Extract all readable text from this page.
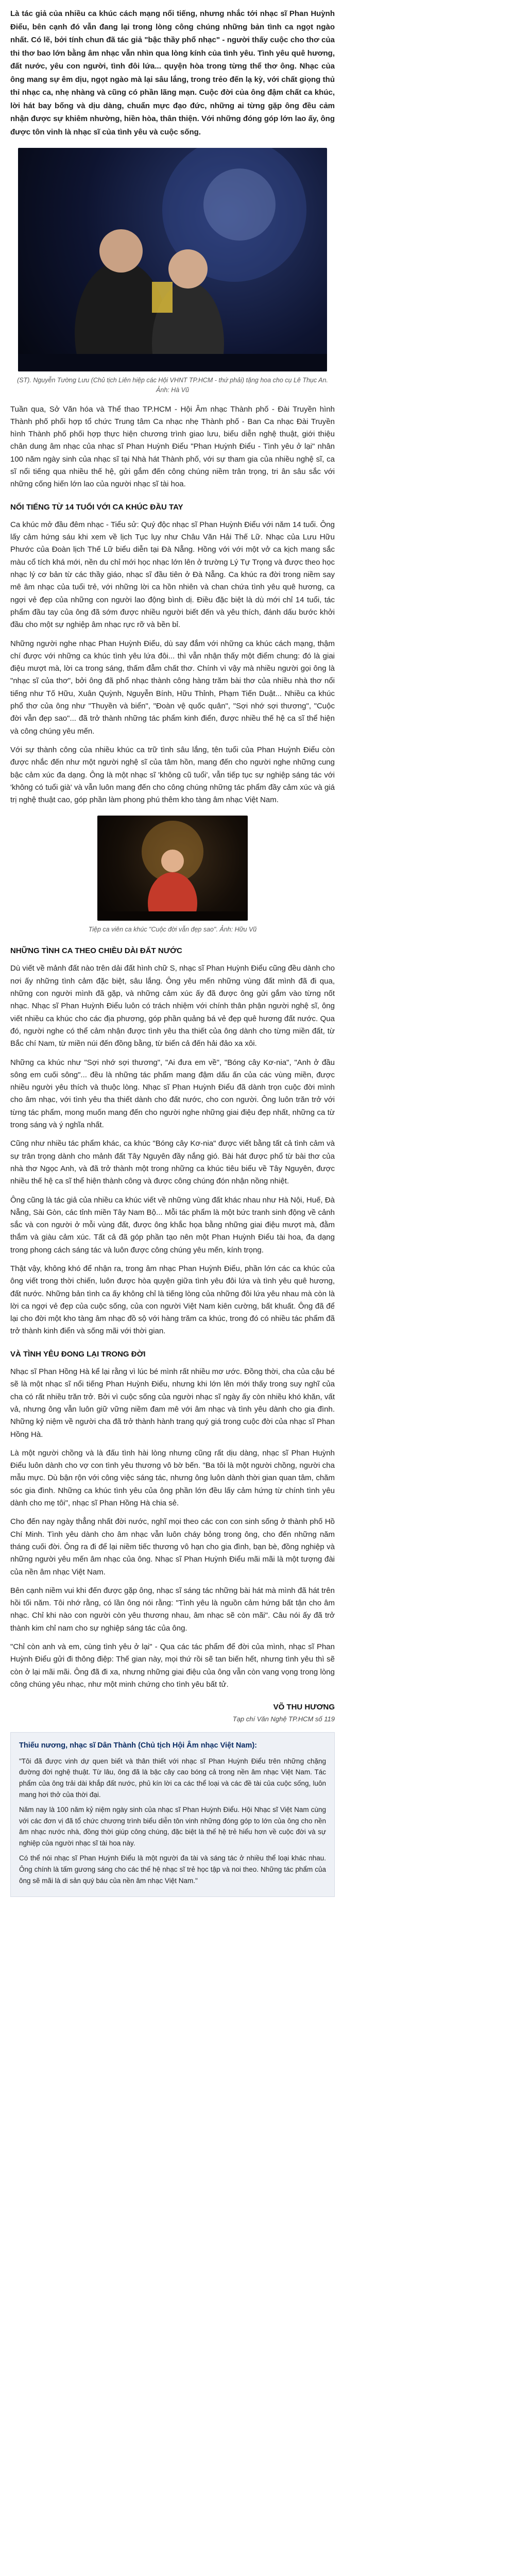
Là tác giả của nhiều ca khúc cách mạng nổi tiếng, nhưng nhắc tới nhạc sĩ Phan Huỳnh Điểu, bên cạnh đó vẫn đang lại trong lòng công chúng những bản tình ca ngọt ngào nhất. Có lẽ, bởi tính chun đã tác giả "bậc thầy phổ nhạc" - người thấy cuộc cho thơ của thi thơ bao lớn bằng âm nhạc vẫn nhìn qua lòng kính của tình yêu. Tình yêu quê hương, đất nước, yêu con người, tình đôi lứa... quyện hòa trong từng thể thơ ông. Nhạc của ông mang sự êm dịu, ngọt ngào mà lại sâu lắng, trong trẻo đến lạ kỳ, với chất giọng thủ thỉ nhạc ca, nhẹ nhàng và cũng có phần lãng mạn. Cuộc đời của ông đậm chất ca khúc, lời hát bay bổng và dịu dàng, chuẩn mực đạo đức, những ai từng gặp ông đều cảm nhận được sự khiêm nhường, hiền hòa, thân thiện. Với những đóng góp lớn lao ấy, ông được tôn vinh là nhạc sĩ của tình yêu và cuộc sống.

(ST). Nguyễn Tường Lưu (Chủ tịch Liên hiệp các Hội VHNT TP.HCM - thứ phải) tặng hoa cho cụ Lê Thục An. Ảnh: Hà Vũ

Tuần qua, Sở Văn hóa và Thể thao TP.HCM - Hội Âm nhạc Thành phố - Đài Truyền hình Thành phố phối hợp tổ chức Trung tâm Ca nhạc nhẹ Thành phố - Ban Ca nhạc Đài Truyền hình Thành phố phối hợp thực hiện chương trình giao lưu, biểu diễn nghệ thuật, giới thiệu chân dung âm nhạc của nhạc sĩ Phan Huỳnh Điểu "Phan Huỳnh Điểu - Tình yêu ở lại" nhân 100 năm ngày sinh của nhạc sĩ tại Nhà hát Thành phố, với sự tham gia của nhiều nghệ sĩ, ca sĩ nổi tiếng qua nhiều thế hệ, gửi gắm đến công chúng niềm trân trọng, tri ân sâu sắc với những cống hiến lớn lao của người nhạc sĩ tài hoa.

NỐI TIẾNG TỪ 14 TUỔI VỚI CA KHÚC ĐẦU TAY

Ca khúc mở đầu đêm nhạc - Tiểu sử: Quý độc nhạc sĩ Phan Huỳnh Điểu với năm 14 tuổi. Ông lấy cảm hứng sáu khi xem về lịch Tục lụy như Châu Văn Hải Thế Lữ. Nhạc của Lưu Hữu Phước của Đoàn lịch Thế Lữ biểu diễn tại Đà Nẵng. Hồng với với một vở ca kịch mang sắc màu cổ tích khá mới, nền du chỉ mới học nhạc lớn lên ở trường Lý Tự Trọng và được theo học nhạc lý cơ bản từ các thầy giáo, nhạc sĩ đầu tiên ở Đà Nẵng. Ca khúc ra đời trong niềm say mê âm nhạc của tuổi trẻ, với những lời ca hồn nhiên và chan chứa tình yêu quê hương, ca ngợi vẻ đẹp của những con người lao động bình dị. Điều đặc biệt là dù mới chỉ 14 tuổi, tác phẩm đầu tay của ông đã sớm được nhiều người biết đến và yêu thích, đánh dấu bước khởi đầu cho một sự nghiệp âm nhạc rực rỡ và bền bỉ.

Những người nghe nhạc Phan Huỳnh Điểu, dù say đắm với những ca khúc cách mạng, thậm chí được với những ca khúc tình yêu lứa đôi... thì vẫn nhận thấy một điểm chung: đó là giai điệu mượt mà, lời ca trong sáng, thấm đẫm chất thơ. Chính vì vậy mà nhiều người gọi ông là "nhạc sĩ của thơ", bởi ông đã phổ nhạc thành công hàng trăm bài thơ của nhiều nhà thơ nổi tiếng như Tố Hữu, Xuân Quỳnh, Nguyễn Bính, Hữu Thỉnh, Phạm Tiến Duật... Nhiều ca khúc phổ thơ của ông như "Thuyền và biển", "Đoàn vệ quốc quân", "Sợi nhớ sợi thương", "Cuộc đời vẫn đẹp sao"... đã trở thành những tác phẩm kinh điển, được nhiều thế hệ ca sĩ thể hiện và công chúng yêu mến.

Với sự thành công của nhiều khúc ca trữ tình sâu lắng, tên tuổi của Phan Huỳnh Điểu còn được nhắc đến như một người nghệ sĩ của tâm hồn, mang đến cho người nghe những cung bậc cảm xúc đa dạng. Ông là một nhạc sĩ 'không cũ tuổi', vẫn tiếp tục sự nghiệp sáng tác với 'không có tuổi già' và vẫn luôn mang đến cho công chúng những tác phẩm đầy cảm xúc và giá trị nghệ thuật cao, góp phần làm phong phú thêm kho tàng âm nhạc Việt Nam.

Tiệp ca viên ca khúc "Cuộc đời vẫn đẹp sao". Ảnh: Hữu Vũ

NHỮNG TÌNH CA THEO CHIỀU DÀI ĐẤT NƯỚC

Dù viết về mảnh đất nào trên dải đất hình chữ S, nhạc sĩ Phan Huỳnh Điểu cũng đều dành cho nơi ấy những tình cảm đặc biệt, sâu lắng. Ông yêu mến những vùng đất mình đã đi qua, những con người mình đã gặp, và những cảm xúc ấy đã được ông gửi gắm vào từng nốt nhạc. Nhạc sĩ Phan Huỳnh Điểu luôn có trách nhiệm với chính thân phận người nghệ sĩ, ông viết nhiều ca khúc cho các địa phương, góp phần quảng bá vẻ đẹp quê hương đất nước. Qua đó, người nghe có thể cảm nhận được tình yêu tha thiết của ông dành cho từng miền đất, từ Bắc chí Nam, từ miền núi đến đồng bằng, từ biển cả đến hải đảo xa xôi.

Những ca khúc như "Sợi nhớ sợi thương", "Ai đưa em về", "Bóng cây Kơ-nia", "Anh ở đầu sông em cuối sông"... đều là những tác phẩm mang đậm dấu ấn của các vùng miền, được nhiều người yêu thích và thuộc lòng. Nhạc sĩ Phan Huỳnh Điểu đã dành trọn cuộc đời mình cho âm nhạc, với tình yêu tha thiết dành cho đất nước, cho con người. Ông luôn trăn trở với từng tác phẩm, mong muốn mang đến cho người nghe những giai điệu đẹp nhất, những ca từ trong sáng và ý nghĩa nhất.

Cũng như nhiều tác phẩm khác, ca khúc "Bóng cây Kơ-nia" được viết bằng tất cả tình cảm và sự trân trọng dành cho mảnh đất Tây Nguyên đầy nắng gió. Bài hát được phổ từ bài thơ của nhà thơ Ngọc Anh, và đã trở thành một trong những ca khúc tiêu biểu về Tây Nguyên, được nhiều thế hệ ca sĩ thể hiện thành công và được công chúng đón nhận nồng nhiệt.

Ông cũng là tác giả của nhiều ca khúc viết về những vùng đất khác nhau như Hà Nội, Huế, Đà Nẵng, Sài Gòn, các tỉnh miền Tây Nam Bộ... Mỗi tác phẩm là một bức tranh sinh động về cảnh sắc và con người ở mỗi vùng đất, được ông khắc họa bằng những giai điệu mượt mà, đằm thắm và giàu cảm xúc. Tất cả đã góp phần tạo nên một Phan Huỳnh Điểu tài hoa, đa dạng trong phong cách sáng tác và luôn được công chúng yêu mến, kính trọng.

Thật vậy, không khó để nhận ra, trong âm nhạc Phan Huỳnh Điểu, phần lớn các ca khúc của ông viết trong thời chiến, luôn được hòa quyện giữa tình yêu đôi lứa và tình yêu quê hương, đất nước. Những bản tình ca ấy không chỉ là tiếng lòng của những đôi lứa yêu nhau mà còn là lời ca ngợi vẻ đẹp của cuộc sống, của con người Việt Nam kiên cường, bất khuất. Ông đã để lại cho đời một kho tàng âm nhạc đồ sộ với hàng trăm ca khúc, trong đó có nhiều tác phẩm đã trở thành kinh điển và sống mãi với thời gian.

VÀ TÌNH YÊU ĐONG LẠI TRONG ĐỜI

Nhạc sĩ Phan Hồng Hà kể lại rằng vì lúc bé mình rất nhiều mơ ước. Đồng thời, cha của cậu bé sẽ là một nhạc sĩ nổi tiếng Phan Huỳnh Điểu, nhưng khi lớn lên mới thấy trong suy nghĩ của cha có rất nhiều trăn trở. Bởi vì cuộc sống của người nhạc sĩ ngày ấy còn nhiều khó khăn, vất vả, nhưng ông vẫn luôn giữ vững niềm đam mê với âm nhạc và tình yêu dành cho gia đình. Những kỷ niệm về người cha đã trở thành hành trang quý giá trong cuộc đời của nhạc sĩ Phan Hồng Hà.

Là một người chồng và là đấu tình hài lòng nhưng cũng rất dịu dàng, nhạc sĩ Phan Huỳnh Điểu luôn dành cho vợ con tình yêu thương vô bờ bến. "Ba tôi là một người chồng, người cha mẫu mực. Dù bận rộn với công việc sáng tác, nhưng ông luôn dành thời gian quan tâm, chăm sóc gia đình. Những ca khúc tình yêu của ông phần lớn đều lấy cảm hứng từ chính tình yêu dành cho mẹ tôi", nhạc sĩ Phan Hồng Hà chia sẻ.

Cho đến nay ngày thẳng nhất đời nước, nghĩ mọi theo các con con sinh sống ở thành phố Hồ Chí Minh. Tình yêu dành cho âm nhạc vẫn luôn cháy bỏng trong ông, cho đến những năm tháng cuối đời. Ông ra đi để lại niềm tiếc thương vô hạn cho gia đình, bạn bè, đồng nghiệp và những người yêu mến âm nhạc của ông. Nhạc sĩ Phan Huỳnh Điểu mãi mãi là một tượng đài của nền âm nhạc Việt Nam.

Bên cạnh niềm vui khi đến được gặp ông, nhạc sĩ sáng tác những bài hát mà mình đã hát trên hồi tối năm. Tôi nhớ rằng, có lần ông nói rằng: "Tình yêu là nguồn cảm hứng bất tận cho âm nhạc. Chỉ khi nào con người còn yêu thương nhau, âm nhạc sẽ còn mãi". Câu nói ấy đã trở thành kim chỉ nam cho sự nghiệp sáng tác của ông.

"Chỉ còn anh và em, cùng tình yêu ở lại" - Qua các tác phẩm để đời của mình, nhạc sĩ Phan Huỳnh Điểu gửi đi thông điệp: Thế gian này, mọi thứ rồi sẽ tan biến hết, nhưng tình yêu thì sẽ còn ở lại mãi mãi. Ông đã đi xa, nhưng những giai điệu của ông vẫn còn vang vọng trong lòng công chúng yêu nhạc, như một minh chứng cho tình yêu bất tử.

VÕ THU HƯƠNG
Tạp chí Văn Nghệ TP.HCM số 119
Thiếu nương, nhạc sĩ Dân Thành (Chủ tịch Hội Âm nhạc Việt Nam):

"Tôi đã được vinh dự quen biết và thân thiết với nhạc sĩ Phan Huỳnh Điểu trên những chặng đường đời nghệ thuật. Từ lâu, ông đã là bậc cây cao bóng cả trong nền âm nhạc Việt Nam. Tác phẩm của ông trải dài khắp đất nước, phủ kín lời ca các thể loại và các đề tài của cuộc sống, luôn mang hơi thở của thời đại.

Năm nay là 100 năm kỷ niệm ngày sinh của nhạc sĩ Phan Huỳnh Điểu. Hội Nhạc sĩ Việt Nam cùng với các đơn vị đã tổ chức chương trình biểu diễn tôn vinh những đóng góp to lớn của ông cho nền âm nhạc nước nhà, đồng thời giúp công chúng, đặc biệt là thế hệ trẻ hiểu hơn về cuộc đời và sự nghiệp của người nhạc sĩ tài hoa này.

Có thể nói nhạc sĩ Phan Huỳnh Điểu là một người đa tài và sáng tác ở nhiều thể loại khác nhau. Ông chính là tấm gương sáng cho các thế hệ nhạc sĩ trẻ học tập và noi theo. Những tác phẩm của ông sẽ mãi là di sản quý báu của nền âm nhạc Việt Nam."
